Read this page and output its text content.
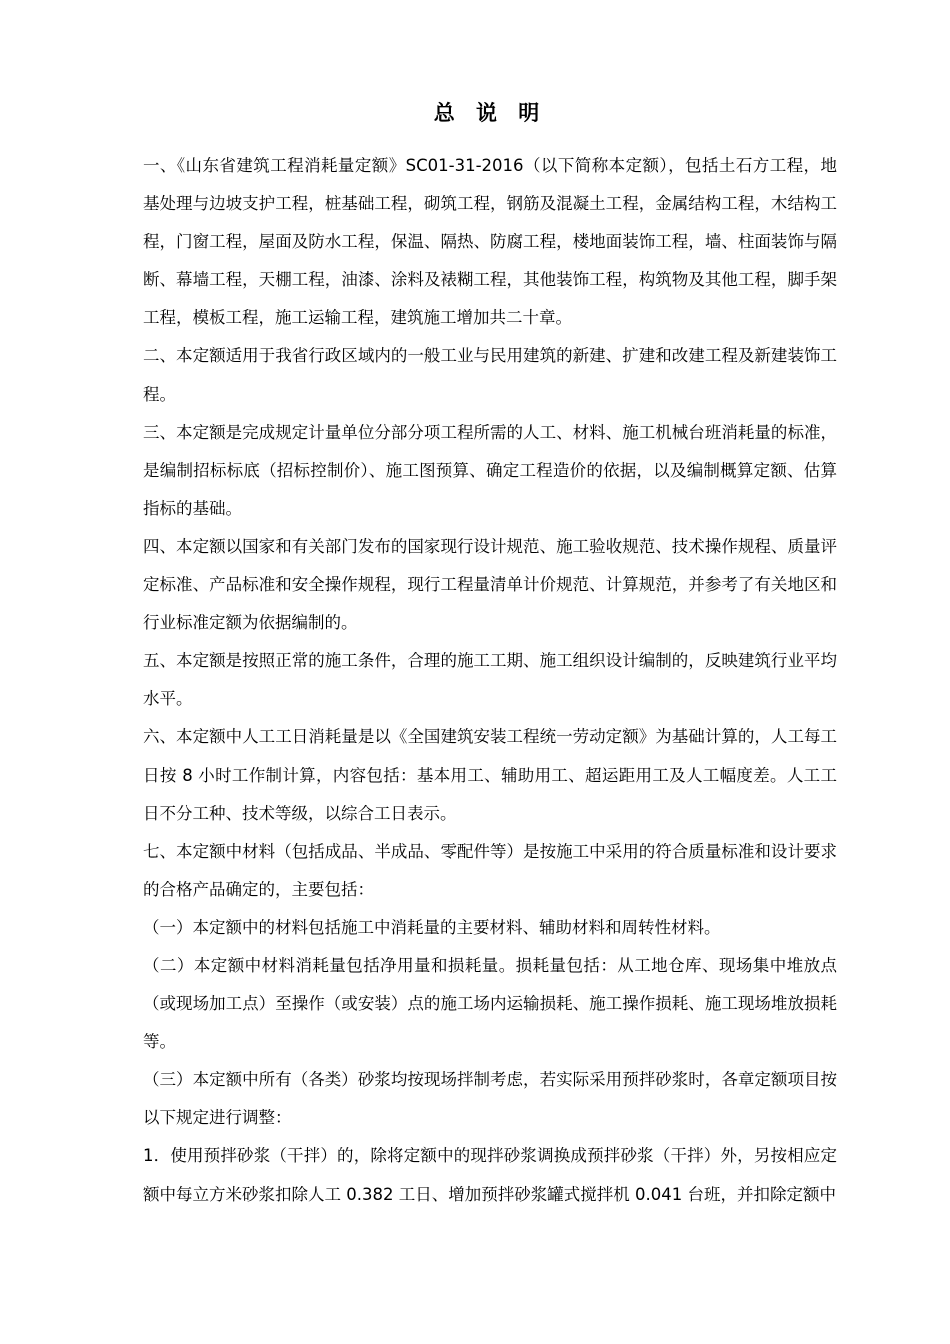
总 说 明

一、《山东省建筑工程消耗量定额》SC01-31-2016（以下简称本定额），包括土石方工程，地基处理与边坡支护工程，桩基础工程，砌筑工程，钢筋及混凝土工程，金属结构工程，木结构工程，门窗工程，屋面及防水工程，保温、隔热、防腐工程，楼地面装饰工程，墙、柱面装饰与隔断、幕墙工程，天棚工程，油漆、涂料及裱糊工程，其他装饰工程，构筑物及其他工程，脚手架工程，模板工程，施工运输工程，建筑施工增加共二十章。

二、本定额适用于我省行政区域内的一般工业与民用建筑的新建、扩建和改建工程及新建装饰工程。

三、本定额是完成规定计量单位分部分项工程所需的人工、材料、施工机械台班消耗量的标准，是编制招标标底（招标控制价）、施工图预算、确定工程造价的依据，以及编制概算定额、估算指标的基础。

四、本定额以国家和有关部门发布的国家现行设计规范、施工验收规范、技术操作规程、质量评定标准、产品标准和安全操作规程，现行工程量清单计价规范、计算规范，并参考了有关地区和行业标准定额为依据编制的。

五、本定额是按照正常的施工条件，合理的施工工期、施工组织设计编制的，反映建筑行业平均水平。

六、本定额中人工工日消耗量是以《全国建筑安装工程统一劳动定额》为基础计算的，人工每工日按 8 小时工作制计算，内容包括：基本用工、辅助用工、超运距用工及人工幅度差。人工工日不分工种、技术等级，以综合工日表示。

七、本定额中材料（包括成品、半成品、零配件等）是按施工中采用的符合质量标准和设计要求的合格产品确定的，主要包括：

（一）本定额中的材料包括施工中消耗量的主要材料、辅助材料和周转性材料。

（二）本定额中材料消耗量包括净用量和损耗量。损耗量包括：从工地仓库、现场集中堆放点（或现场加工点）至操作（或安装）点的施工场内运输损耗、施工操作损耗、施工现场堆放损耗等。

（三）本定额中所有（各类）砂浆均按现场拌制考虑，若实际采用预拌砂浆时，各章定额项目按以下规定进行调整：

1．使用预拌砂浆（干拌）的，除将定额中的现拌砂浆调换成预拌砂浆（干拌）外，另按相应定额中每立方米砂浆扣除人工 0.382 工日、增加预拌砂浆罐式搅拌机 0.041 台班，并扣除定额中
